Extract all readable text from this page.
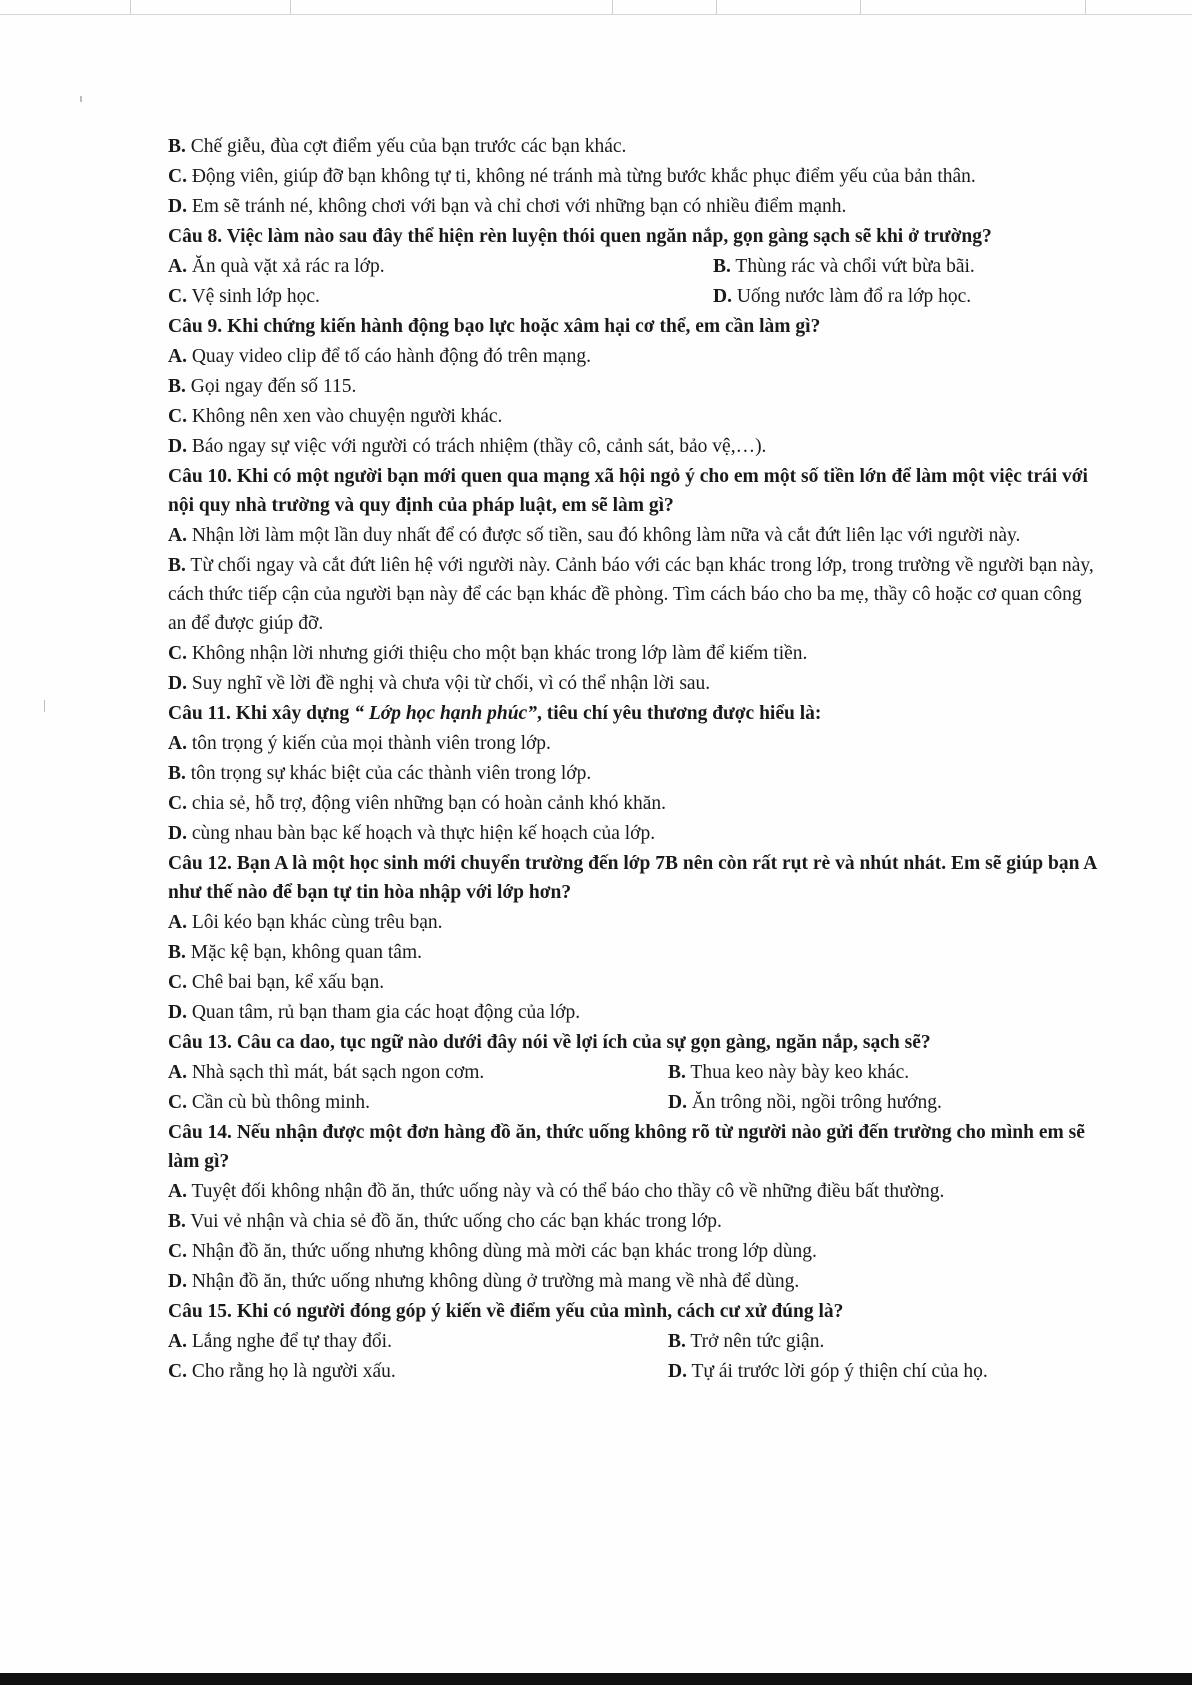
B. Chế giễu, đùa cợt điểm yếu của bạn trước các bạn khác.
C. Động viên, giúp đỡ bạn không tự ti, không né tránh mà từng bước khắc phục điểm yếu của bản thân.
D. Em sẽ tránh né, không chơi với bạn và chỉ chơi với những bạn có nhiều điểm mạnh.
Câu 8. Việc làm nào sau đây thể hiện rèn luyện thói quen ngăn nắp, gọn gàng sạch sẽ khi ở trường?
A. Ăn quà vặt xả rác ra lớp.	B. Thùng rác và chổi vứt bừa bãi.
C. Vệ sinh lớp học.	D. Uống nước làm đổ ra lớp học.
Câu 9. Khi chứng kiến hành động bạo lực hoặc xâm hại cơ thể, em cần làm gì?
A. Quay video clip để tố cáo hành động đó trên mạng.
B. Gọi ngay đến số 115.
C. Không nên xen vào chuyện người khác.
D. Báo ngay sự việc với người có trách nhiệm (thầy cô, cảnh sát, bảo vệ,…).
Câu 10. Khi có một người bạn mới quen qua mạng xã hội ngỏ ý cho em một số tiền lớn để làm một việc trái với nội quy nhà trường và quy định của pháp luật, em sẽ làm gì?
A. Nhận lời làm một lần duy nhất để có được số tiền, sau đó không làm nữa và cắt đứt liên lạc với người này.
B. Từ chối ngay và cắt đứt liên hệ với người này. Cảnh báo với các bạn khác trong lớp, trong trường về người bạn này, cách thức tiếp cận của người bạn này để các bạn khác đề phòng. Tìm cách báo cho ba mẹ, thầy cô hoặc cơ quan công an để được giúp đỡ.
C. Không nhận lời nhưng giới thiệu cho một bạn khác trong lớp làm để kiếm tiền.
D. Suy nghĩ về lời đề nghị và chưa vội từ chối, vì có thể nhận lời sau.
Câu 11. Khi xây dựng “ Lớp học hạnh phúc”, tiêu chí yêu thương được hiểu là:
A. tôn trọng ý kiến của mọi thành viên trong lớp.
B. tôn trọng sự khác biệt của các thành viên trong lớp.
C. chia sẻ, hỗ trợ, động viên những bạn có hoàn cảnh khó khăn.
D. cùng nhau bàn bạc kế hoạch và thực hiện kế hoạch của lớp.
Câu 12. Bạn A là một học sinh mới chuyển trường đến lớp 7B nên còn rất rụt rè và nhút nhát. Em sẽ giúp bạn A như thế nào để bạn tự tin hòa nhập với lớp hơn?
A. Lôi kéo bạn khác cùng trêu bạn.
B. Mặc kệ bạn, không quan tâm.
C. Chê bai bạn, kể xấu bạn.
D. Quan tâm, rủ bạn tham gia các hoạt động của lớp.
Câu 13. Câu ca dao, tục ngữ nào dưới đây nói về lợi ích của sự gọn gàng, ngăn nắp, sạch sẽ?
A. Nhà sạch thì mát, bát sạch ngon cơm.	B. Thua keo này bày keo khác.
C. Cần cù bù thông minh.	D. Ăn trông nồi, ngồi trông hướng.
Câu 14. Nếu nhận được một đơn hàng đồ ăn, thức uống không rõ từ người nào gửi đến trường cho mình em sẽ làm gì?
A. Tuyệt đối không nhận đồ ăn, thức uống này và có thể báo cho thầy cô về những điều bất thường.
B. Vui vẻ nhận và chia sẻ đồ ăn, thức uống cho các bạn khác trong lớp.
C. Nhận đồ ăn, thức uống nhưng không dùng mà mời các bạn khác trong lớp dùng.
D. Nhận đồ ăn, thức uống nhưng không dùng ở trường mà mang về nhà để dùng.
Câu 15. Khi có người đóng góp ý kiến về điểm yếu của mình, cách cư xử đúng là?
A. Lắng nghe để tự thay đổi.	B. Trở nên tức giận.
C. Cho rằng họ là người xấu.	D. Tự ái trước lời góp ý thiện chí của họ.
